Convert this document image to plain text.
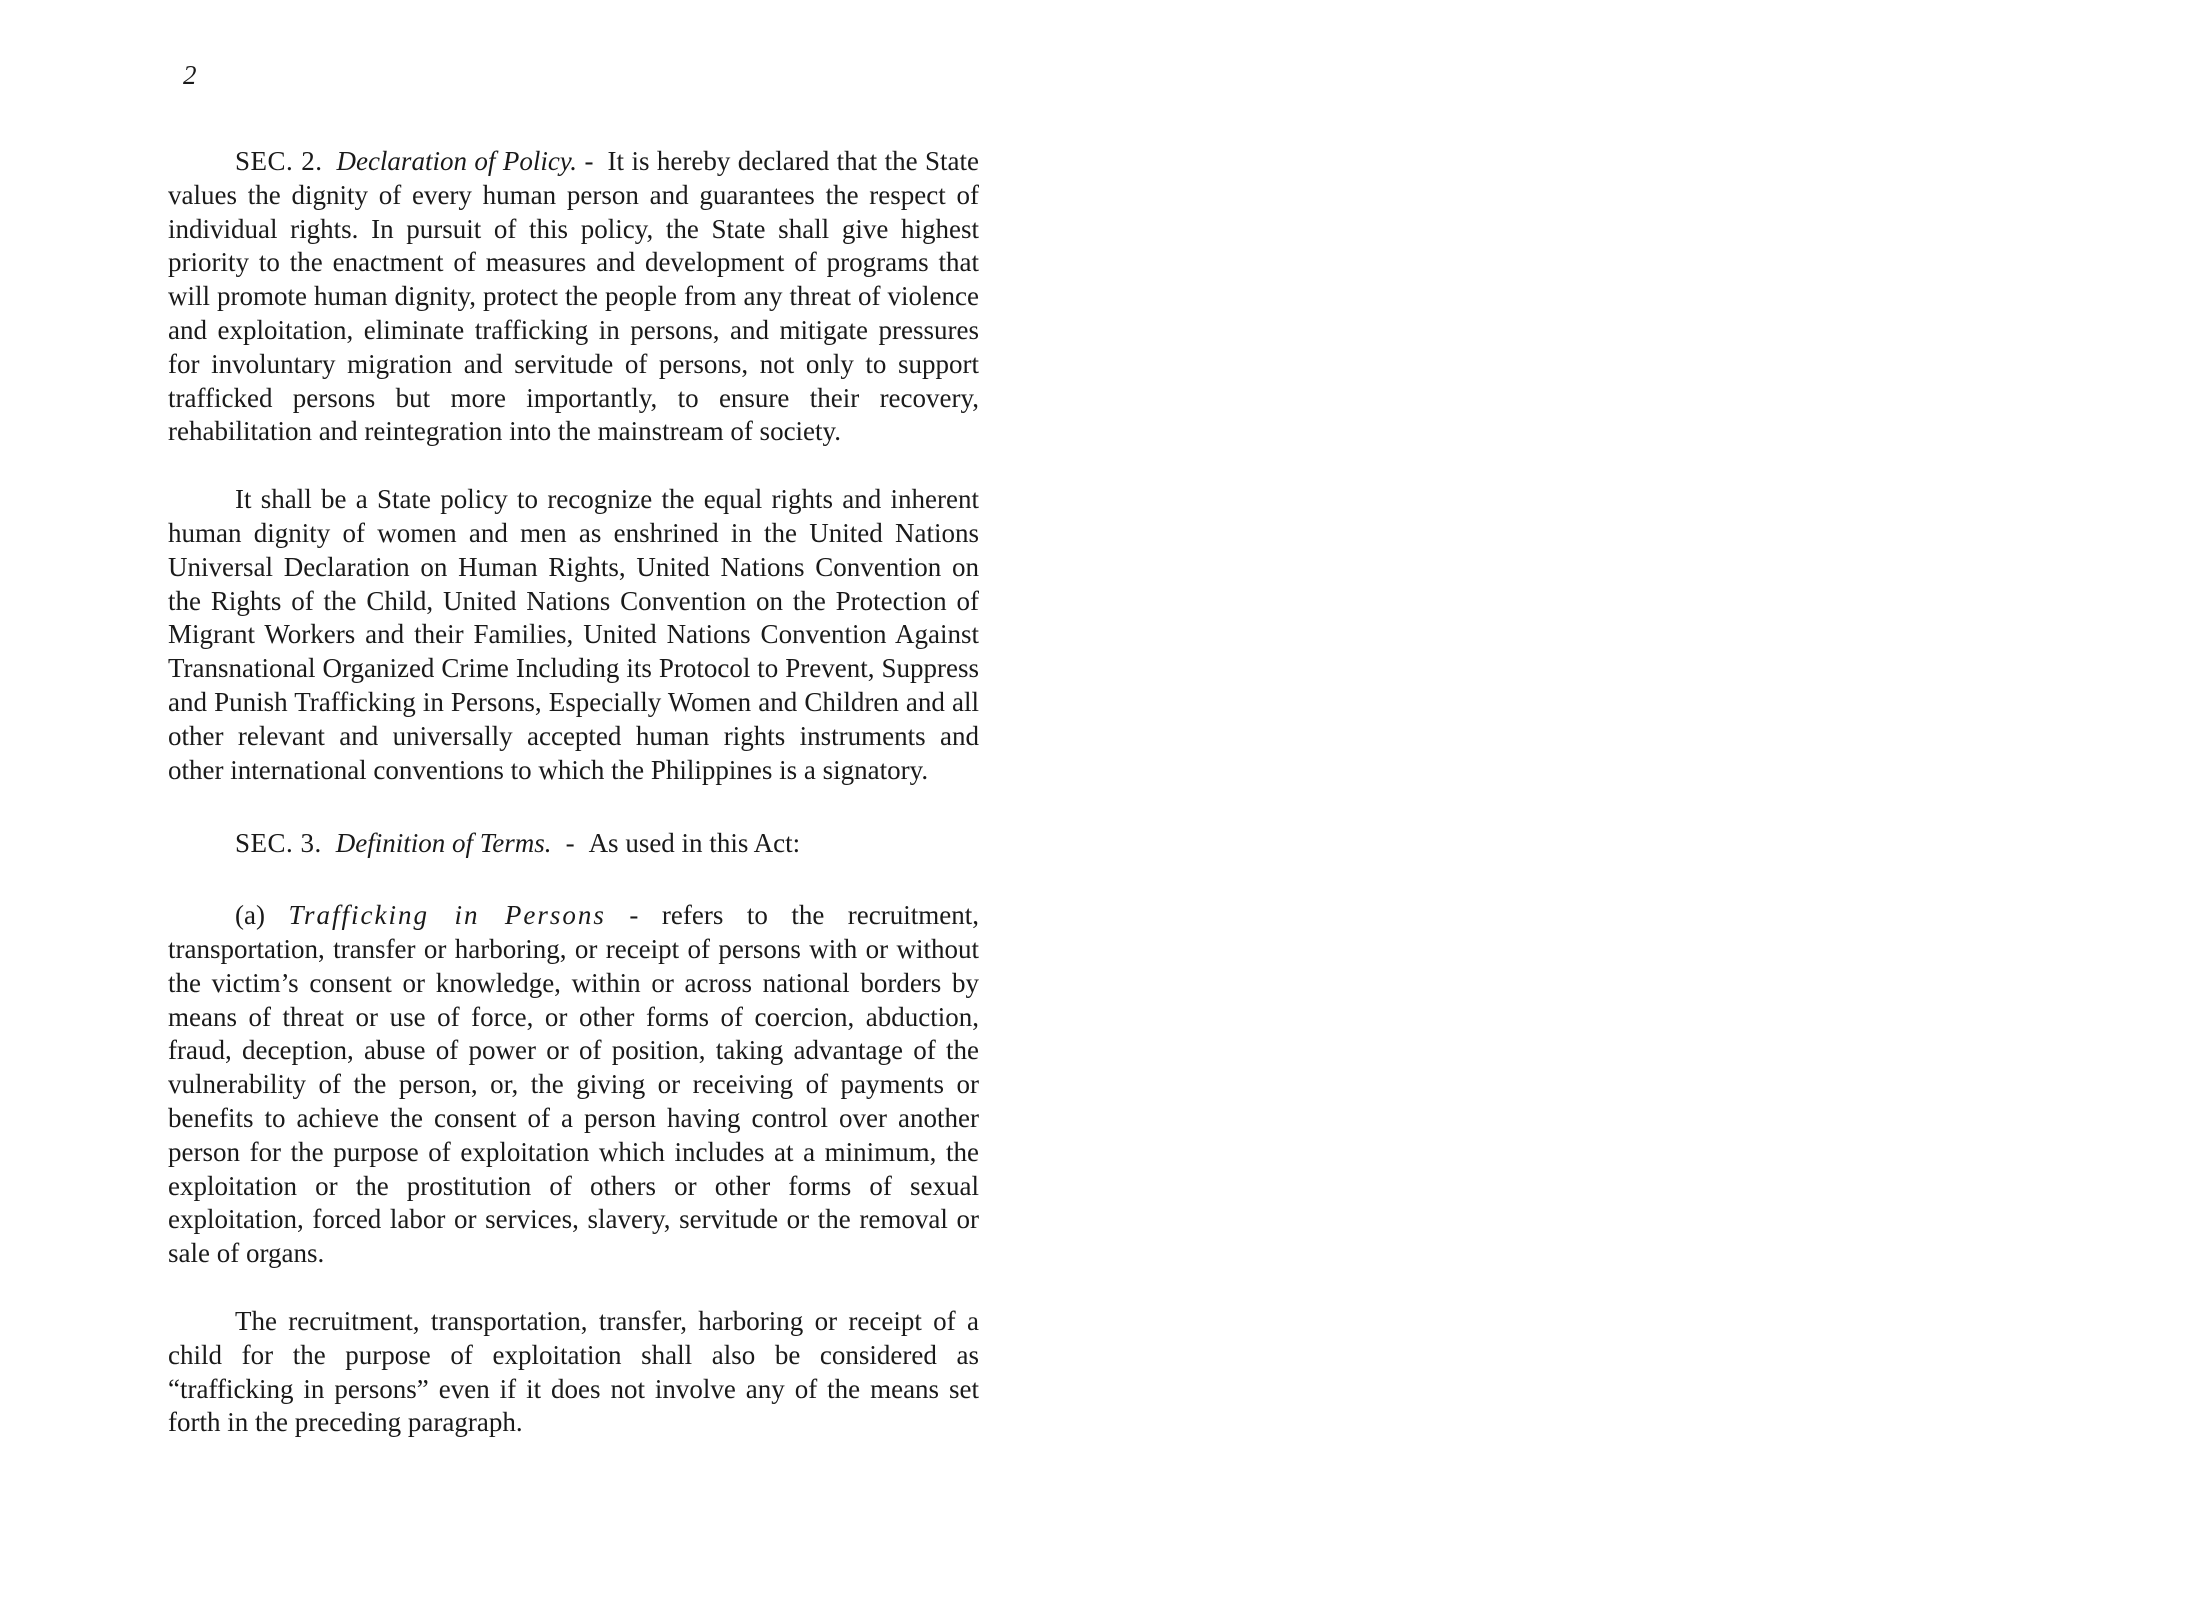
2

SEC. 2. Declaration of Policy. - It is hereby declared that the State values the dignity of every human person and guarantees the respect of individual rights. In pursuit of this policy, the State shall give highest priority to the enactment of measures and development of programs that will promote human dignity, protect the people from any threat of violence and exploitation, eliminate trafficking in persons, and mitigate pressures for involuntary migration and servitude of persons, not only to support trafficked persons but more importantly, to ensure their recovery, rehabilitation and reintegration into the mainstream of society.

It shall be a State policy to recognize the equal rights and inherent human dignity of women and men as enshrined in the United Nations Universal Declaration on Human Rights, United Nations Convention on the Rights of the Child, United Nations Convention on the Protection of Migrant Workers and their Families, United Nations Convention Against Transnational Organized Crime Including its Protocol to Prevent, Suppress and Punish Trafficking in Persons, Especially Women and Children and all other relevant and universally accepted human rights instruments and other international conventions to which the Philippines is a signatory.

SEC. 3. Definition of Terms. - As used in this Act:

(a) Trafficking in Persons - refers to the recruitment, transportation, transfer or harboring, or receipt of persons with or without the victim’s consent or knowledge, within or across national borders by means of threat or use of force, or other forms of coercion, abduction, fraud, deception, abuse of power or of position, taking advantage of the vulnerability of the person, or, the giving or receiving of payments or benefits to achieve the consent of a person having control over another person for the purpose of exploitation which includes at a minimum, the exploitation or the prostitution of others or other forms of sexual exploitation, forced labor or services, slavery, servitude or the removal or sale of organs.

The recruitment, transportation, transfer, harboring or receipt of a child for the purpose of exploitation shall also be considered as “trafficking in persons” even if it does not involve any of the means set forth in the preceding paragraph.
